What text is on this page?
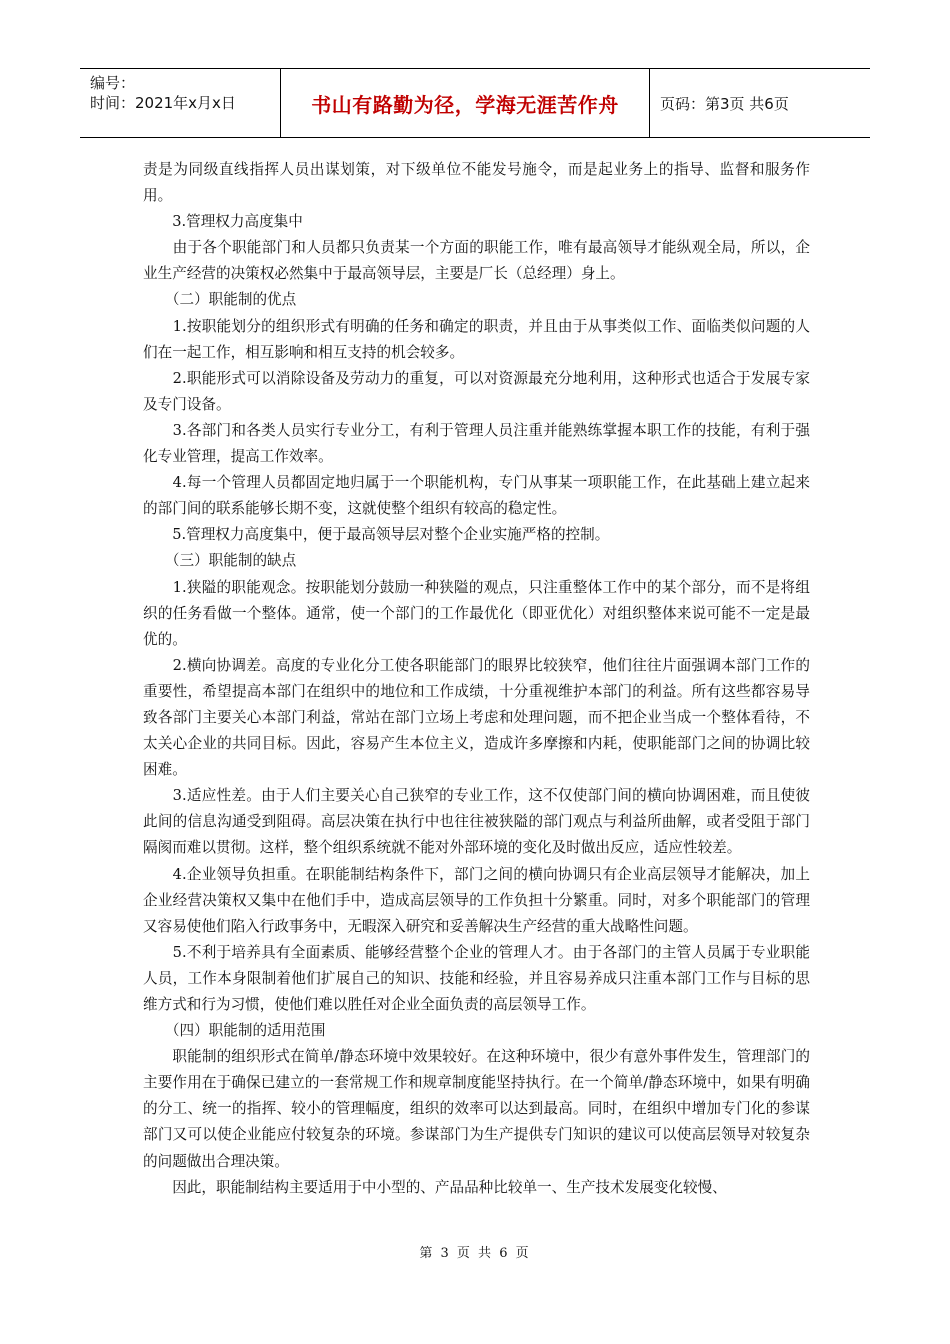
编号：
时间：2021年x月x日	书山有路勤为径，学海无涯苦作舟	页码：第3页 共6页

责是为同级直线指挥人员出谋划策，对下级单位不能发号施令，而是起业务上的指导、监督和服务作用。

　　3.管理权力高度集中

　　由于各个职能部门和人员都只负责某一个方面的职能工作，唯有最高领导才能纵观全局，所以，企业生产经营的决策权必然集中于最高领导层，主要是厂长（总经理）身上。

　　（二）职能制的优点

　　1.按职能划分的组织形式有明确的任务和确定的职责，并且由于从事类似工作、面临类似问题的人们在一起工作，相互影响和相互支持的机会较多。

　　2.职能形式可以消除设备及劳动力的重复，可以对资源最充分地利用，这种形式也适合于发展专家及专门设备。

　　3.各部门和各类人员实行专业分工，有利于管理人员注重并能熟练掌握本职工作的技能，有利于强化专业管理，提高工作效率。

　　4.每一个管理人员都固定地归属于一个职能机构，专门从事某一项职能工作，在此基础上建立起来的部门间的联系能够长期不变，这就使整个组织有较高的稳定性。

　　5.管理权力高度集中，便于最高领导层对整个企业实施严格的控制。

　　（三）职能制的缺点

　　1.狭隘的职能观念。按职能划分鼓励一种狭隘的观点，只注重整体工作中的某个部分，而不是将组织的任务看做一个整体。通常，使一个部门的工作最优化（即亚优化）对组织整体来说可能不一定是最优的。

　　2.横向协调差。高度的专业化分工使各职能部门的眼界比较狭窄，他们往往片面强调本部门工作的重要性，希望提高本部门在组织中的地位和工作成绩，十分重视维护本部门的利益。所有这些都容易导致各部门主要关心本部门利益，常站在部门立场上考虑和处理问题，而不把企业当成一个整体看待，不太关心企业的共同目标。因此，容易产生本位主义，造成许多摩擦和内耗，使职能部门之间的协调比较困难。

　　3.适应性差。由于人们主要关心自己狭窄的专业工作，这不仅使部门间的横向协调困难，而且使彼此间的信息沟通受到阻碍。高层决策在执行中也往往被狭隘的部门观点与利益所曲解，或者受阻于部门隔阂而难以贯彻。这样，整个组织系统就不能对外部环境的变化及时做出反应，适应性较差。

　　4.企业领导负担重。在职能制结构条件下，部门之间的横向协调只有企业高层领导才能解决，加上企业经营决策权又集中在他们手中，造成高层领导的工作负担十分繁重。同时，对多个职能部门的管理又容易使他们陷入行政事务中，无暇深入研究和妥善解决生产经营的重大战略性问题。

　　5.不利于培养具有全面素质、能够经营整个企业的管理人才。由于各部门的主管人员属于专业职能人员，工作本身限制着他们扩展自己的知识、技能和经验，并且容易养成只注重本部门工作与目标的思维方式和行为习惯，使他们难以胜任对企业全面负责的高层领导工作。

　　（四）职能制的适用范围

　　职能制的组织形式在简单/静态环境中效果较好。在这种环境中，很少有意外事件发生，管理部门的主要作用在于确保已建立的一套常规工作和规章制度能坚持执行。在一个简单/静态环境中，如果有明确的分工、统一的指挥、较小的管理幅度，组织的效率可以达到最高。同时，在组织中增加专门化的参谋部门又可以使企业能应付较复杂的环境。参谋部门为生产提供专门知识的建议可以使高层领导对较复杂的问题做出合理决策。

　　因此，职能制结构主要适用于中小型的、产品品种比较单一、生产技术发展变化较慢、

第 3 页 共 6 页
